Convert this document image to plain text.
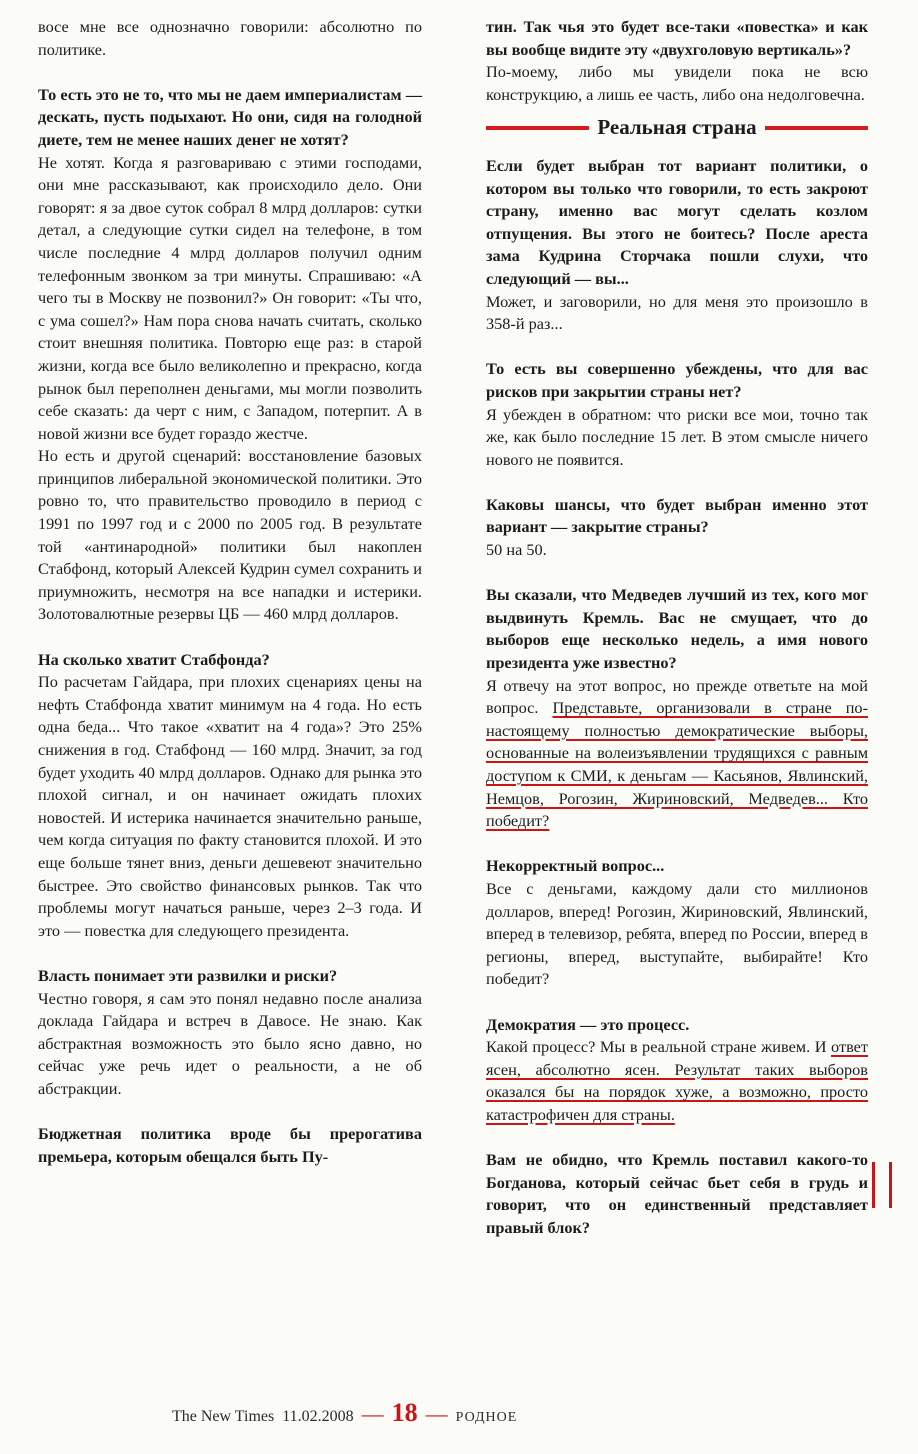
восе мне все однозначно говорили: абсолютно по политике.

То есть это не то, что мы не даем империалистам — дескать, пусть подыхают. Но они, сидя на голодной диете, тем не менее наших денег не хотят?

Не хотят. Когда я разговариваю с этими господами, они мне рассказывают, как происходило дело. Они говорят: я за двое суток собрал 8 млрд долларов: сутки детал, а следующие сутки сидел на телефоне, в том числе последние 4 млрд долларов получил одним телефонным звонком за три минуты. Спрашиваю: «А чего ты в Москву не позвонил?» Он говорит: «Ты что, с ума сошел?» Нам пора снова начать считать, сколько стоит внешняя политика. Повторю еще раз: в старой жизни, когда все было великолепно и прекрасно, когда рынок был переполнен деньгами, мы могли позволить себе сказать: да черт с ним, с Западом, потерпит. А в новой жизни все будет гораздо жестче.

Но есть и другой сценарий: восстановление базовых принципов либеральной экономической политики. Это ровно то, что правительство проводило в период с 1991 по 1997 год и с 2000 по 2005 год. В результате той «антинародной» политики был накоплен Стабфонд, который Алексей Кудрин сумел сохранить и приумножить, несмотря на все нападки и истерики. Золотовалютные резервы ЦБ — 460 млрд долларов.

На сколько хватит Стабфонда?

По расчетам Гайдара, при плохих сценариях цены на нефть Стабфонда хватит минимум на 4 года. Но есть одна беда... Что такое «хватит на 4 года»? Это 25% снижения в год. Стабфонд — 160 млрд. Значит, за год будет уходить 40 млрд долларов. Однако для рынка это плохой сигнал, и он начинает ожидать плохих новостей. И истерика начинается значительно раньше, чем когда ситуация по факту становится плохой. И это еще больше тянет вниз, деньги дешевеют значительно быстрее. Это свойство финансовых рынков. Так что проблемы могут начаться раньше, через 2–3 года. И это — повестка для следующего президента.

Власть понимает эти развилки и риски?

Честно говоря, я сам это понял недавно после анализа доклада Гайдара и встреч в Давосе. Не знаю. Как абстрактная возможность это было ясно давно, но сейчас уже речь идет о реальности, а не об абстракции.

Бюджетная политика вроде бы прерогатива премьера, которым обещался быть Пу-

тин. Так чья это будет все-таки «повестка» и как вы вообще видите эту «двухголовую вертикаль»?

По-моему, либо мы увидели пока не всю конструкцию, а лишь ее часть, либо она недолговечна.

Реальная страна

Если будет выбран тот вариант политики, о котором вы только что говорили, то есть закроют страну, именно вас могут сделать козлом отпущения. Вы этого не боитесь? После ареста зама Кудрина Сторчака пошли слухи, что следующий — вы...

Может, и заговорили, но для меня это произошло в 358-й раз...

То есть вы совершенно убеждены, что для вас рисков при закрытии страны нет?

Я убежден в обратном: что риски все мои, точно так же, как было последние 15 лет. В этом смысле ничего нового не появится.

Каковы шансы, что будет выбран именно этот вариант — закрытие страны?

50 на 50.

Вы сказали, что Медведев лучший из тех, кого мог выдвинуть Кремль. Вас не смущает, что до выборов еще несколько недель, а имя нового президента уже известно?

Я отвечу на этот вопрос, но прежде ответьте на мой вопрос. Представьте, организовали в стране по-настоящему полностью демократические выборы, основанные на волеизъявлении трудящихся с равным доступом к СМИ, к деньгам — Касьянов, Явлинский, Немцов, Рогозин, Жириновский, Медведев... Кто победит?

Некорректный вопрос...

Все с деньгами, каждому дали сто миллионов долларов, вперед! Рогозин, Жириновский, Явлинский, вперед в телевизор, ребята, вперед по России, вперед в регионы, вперед, выступайте, выбирайте! Кто победит?

Демократия — это процесс.

Какой процесс? Мы в реальной стране живем. И ответ ясен, абсолютно ясен. Результат таких выборов оказался бы на порядок хуже, а возможно, просто катастрофичен для страны.

Вам не обидно, что Кремль поставил какого-то Богданова, который сейчас бьет себя в грудь и говорит, что он единственный представляет правый блок?

The New Times 11.02.2008 — 18 — РОДНОЕ
